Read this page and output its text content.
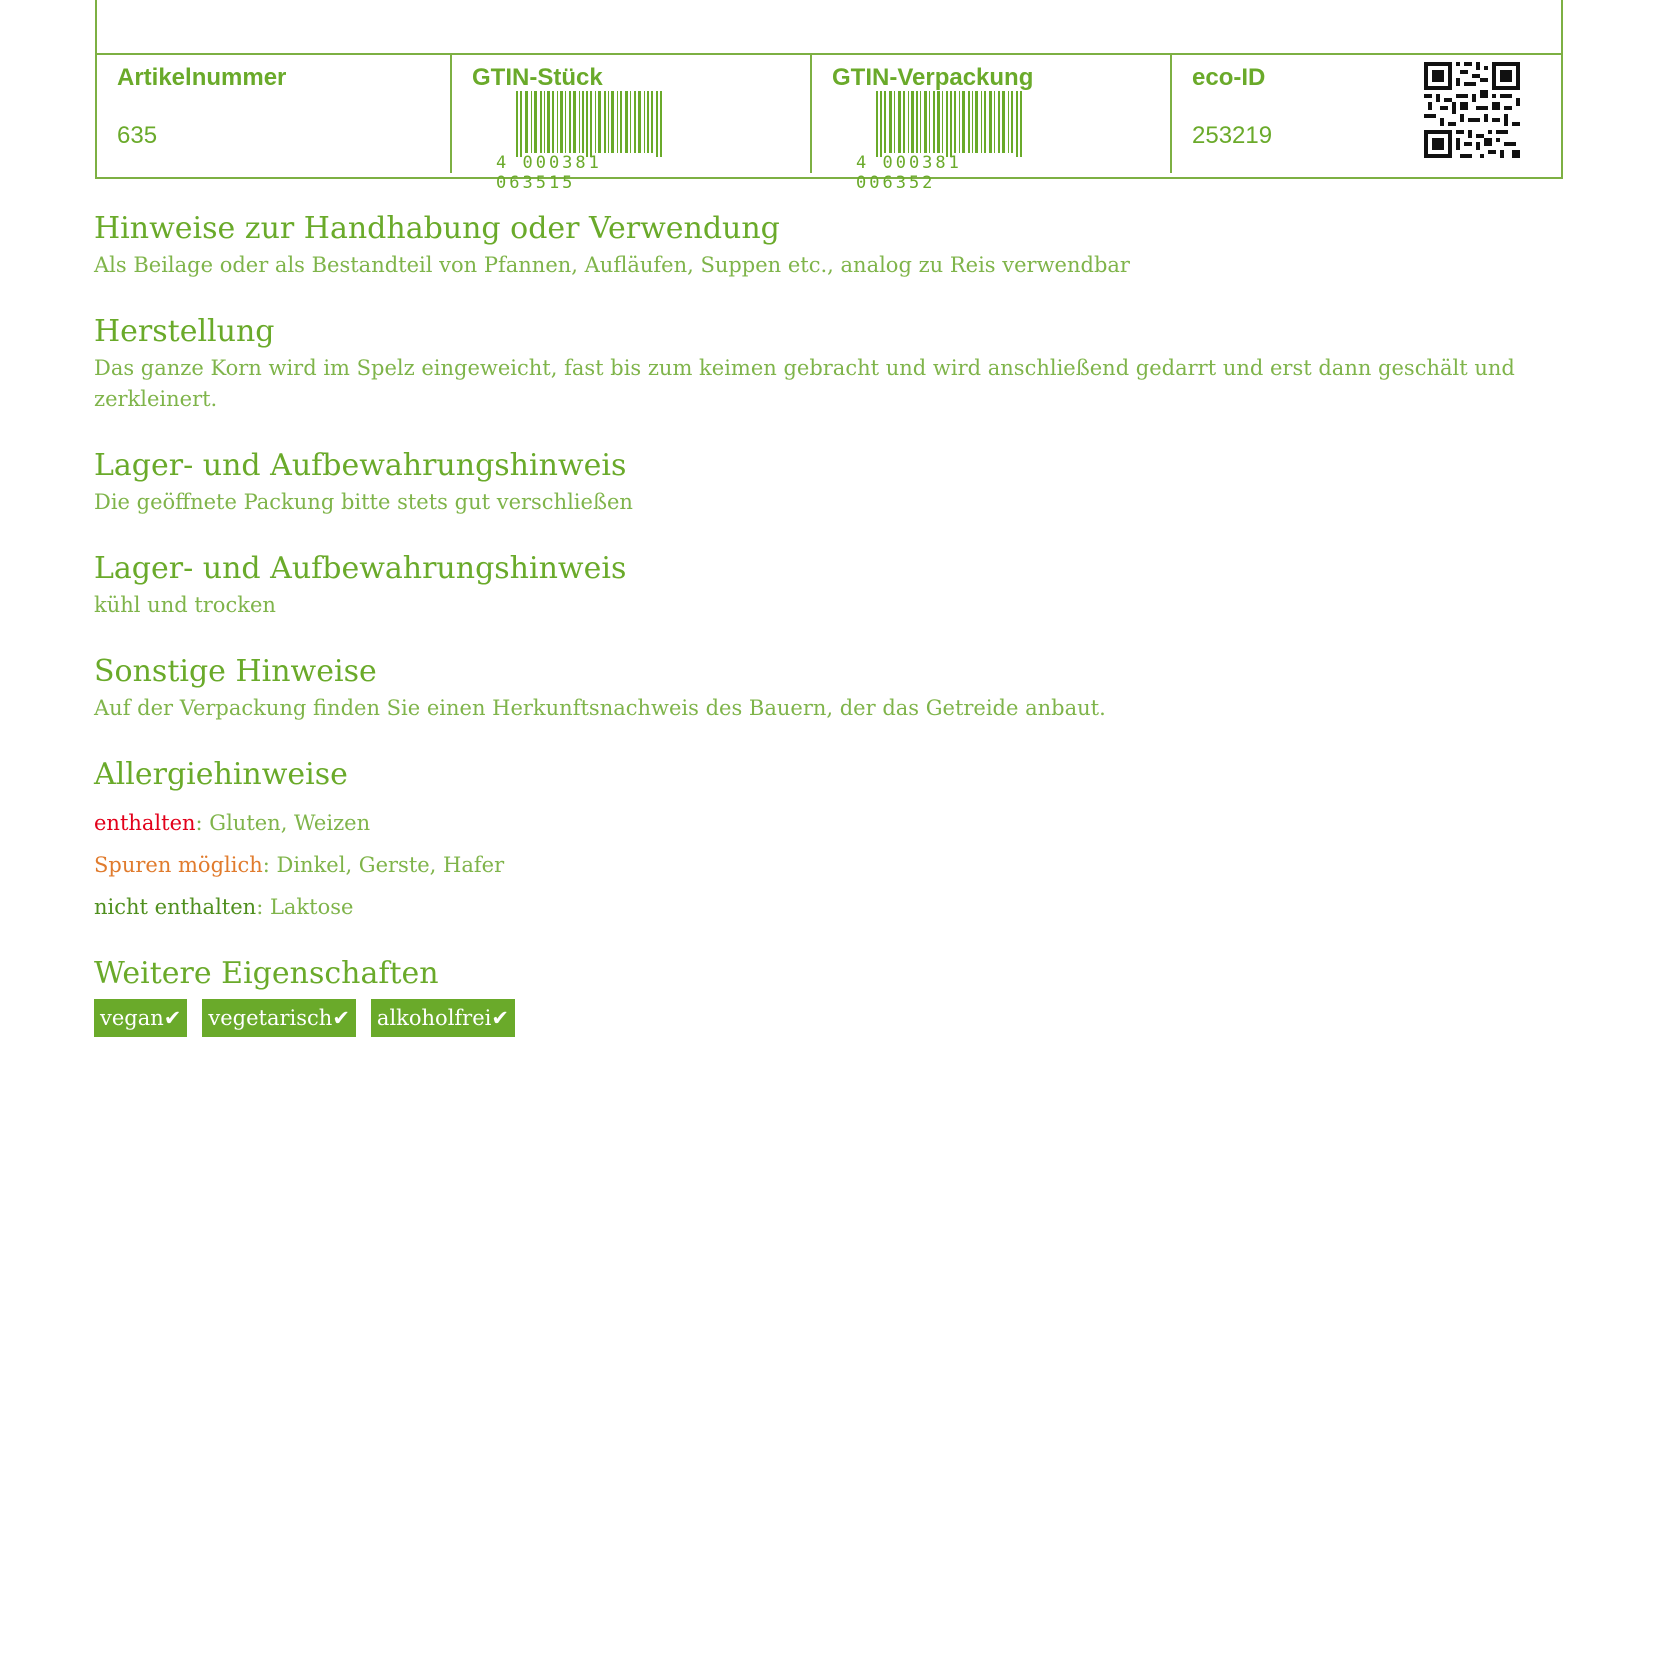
Artikelnummer
635
GTIN-Stück
4 000381 063515
GTIN-Verpackung
4 000381 006352
eco-ID
253219
Hinweise zur Handhabung oder Verwendung

Als Beilage oder als Bestandteil von Pfannen, Aufläufen, Suppen etc., analog zu Reis verwendbar

Herstellung

Das ganze Korn wird im Spelz eingeweicht, fast bis zum keimen gebracht und wird anschließend gedarrt und erst dann geschält und zerkleinert.

Lager- und Aufbewahrungshinweis

Die geöffnete Packung bitte stets gut verschließen

Lager- und Aufbewahrungshinweis

kühl und trocken

Sonstige Hinweise

Auf der Verpackung finden Sie einen Herkunftsnachweis des Bauern, der das Getreide anbaut.

Allergiehinweise
enthalten: Gluten, Weizen
Spuren möglich: Dinkel, Gerste, Hafer
nicht enthalten: Laktose
Weitere Eigenschaften
vegan✔ vegetarisch✔ alkoholfrei✔
